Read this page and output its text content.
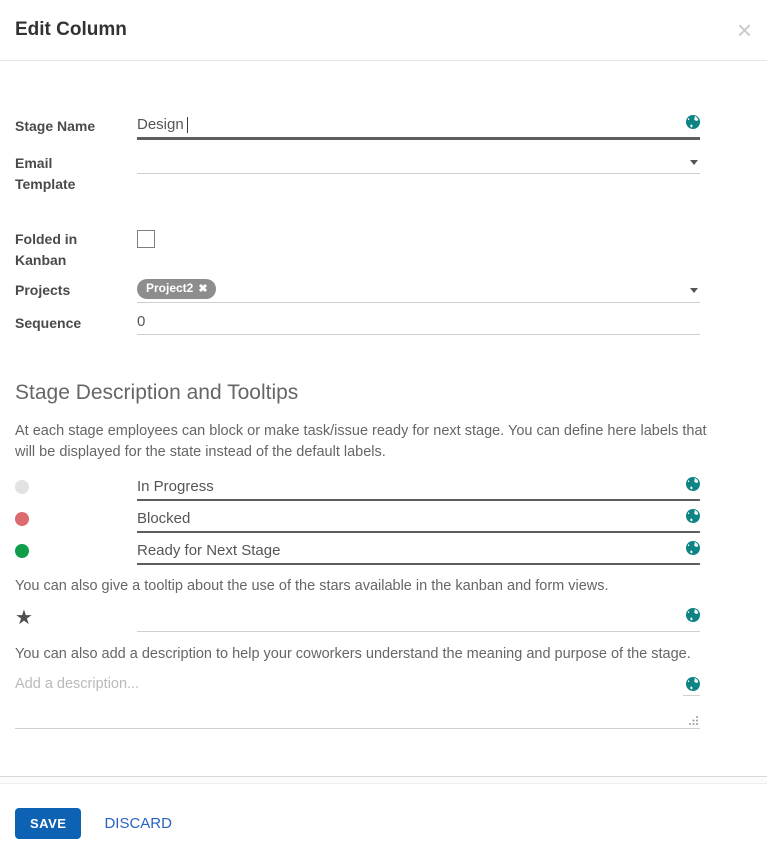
Edit Column	×
Stage Name	Design
Email Template
Folded in Kanban
Projects	Project2 ✖
Sequence	0
Stage Description and Tooltips
At each stage employees can block or make task/issue ready for next stage. You can define here labels that will be displayed for the state instead of the default labels.
In Progress
Blocked
Ready for Next Stage
You can also give a tooltip about the use of the stars available in the kanban and form views.
★
You can also add a description to help your coworkers understand the meaning and purpose of the stage.
Add a description...
SAVE	DISCARD
